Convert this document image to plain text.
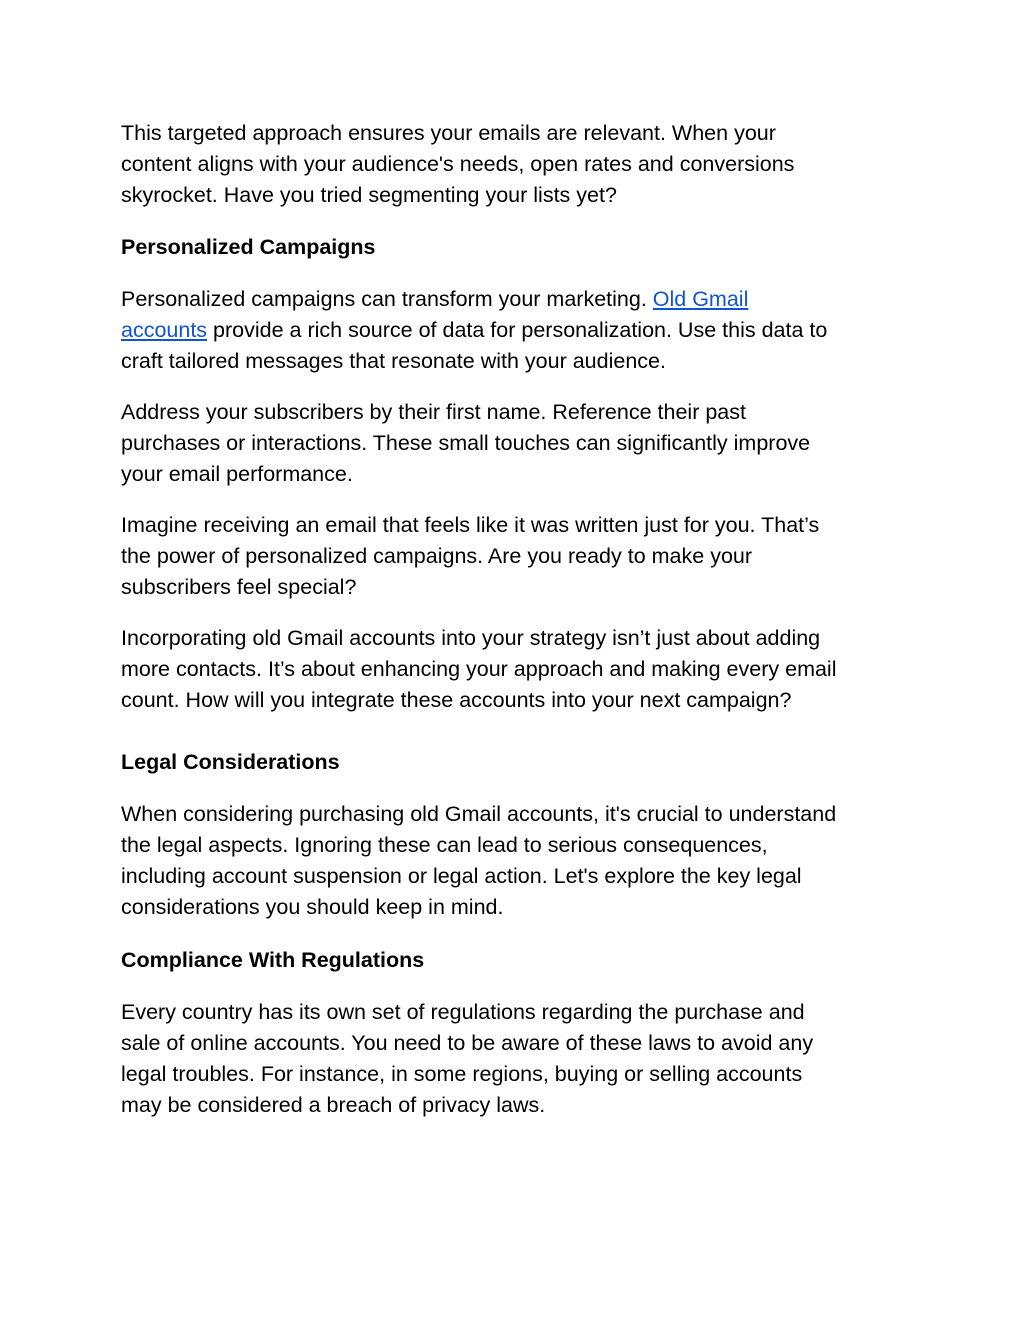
This targeted approach ensures your emails are relevant. When your
content aligns with your audience's needs, open rates and conversions
skyrocket. Have you tried segmenting your lists yet?

Personalized Campaigns

Personalized campaigns can transform your marketing. Old Gmail
accounts provide a rich source of data for personalization. Use this data to
craft tailored messages that resonate with your audience.

Address your subscribers by their first name. Reference their past
purchases or interactions. These small touches can significantly improve
your email performance.

Imagine receiving an email that feels like it was written just for you. That’s
the power of personalized campaigns. Are you ready to make your
subscribers feel special?

Incorporating old Gmail accounts into your strategy isn’t just about adding
more contacts. It’s about enhancing your approach and making every email
count. How will you integrate these accounts into your next campaign?

Legal Considerations

When considering purchasing old Gmail accounts, it's crucial to understand
the legal aspects. Ignoring these can lead to serious consequences,
including account suspension or legal action. Let's explore the key legal
considerations you should keep in mind.

Compliance With Regulations

Every country has its own set of regulations regarding the purchase and
sale of online accounts. You need to be aware of these laws to avoid any
legal troubles. For instance, in some regions, buying or selling accounts
may be considered a breach of privacy laws.
